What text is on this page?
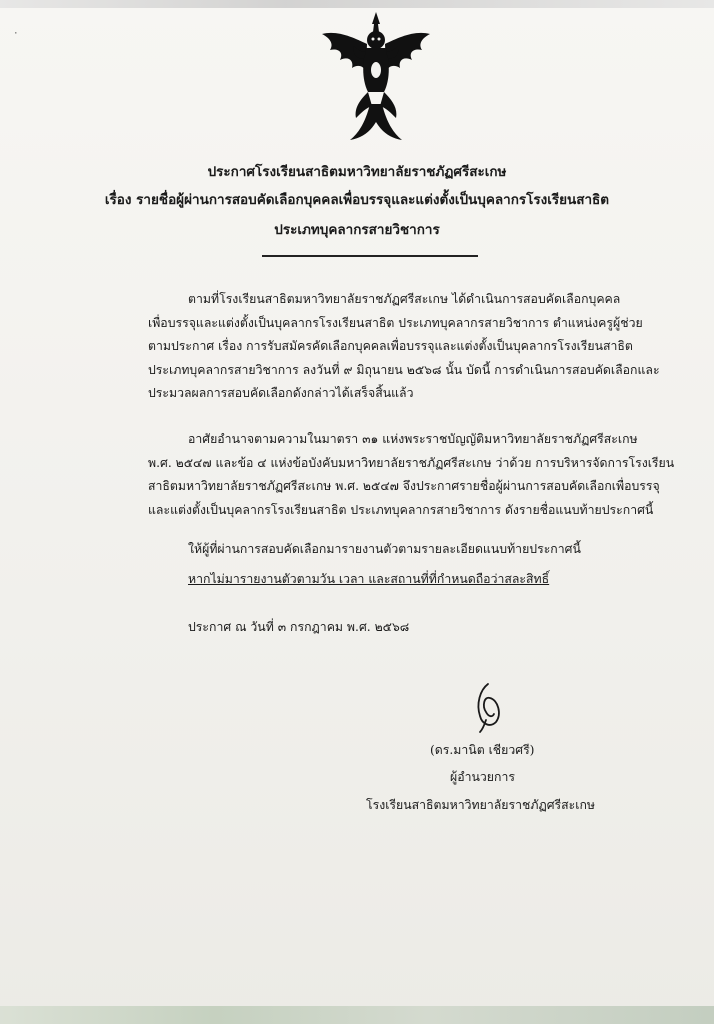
ᐝ
ประกาศโรงเรียนสาธิตมหาวิทยาลัยราชภัฏศรีสะเกษ
เรื่อง รายชื่อผู้ผ่านการสอบคัดเลือกบุคคลเพื่อบรรจุและแต่งตั้งเป็นบุคลากรโรงเรียนสาธิต
ประเภทบุคลากรสายวิชาการ
ตามที่โรงเรียนสาธิตมหาวิทยาลัยราชภัฏศรีสะเกษ ได้ดำเนินการสอบคัดเลือกบุคคล
เพื่อบรรจุและแต่งตั้งเป็นบุคลากรโรงเรียนสาธิต ประเภทบุคลากรสายวิชาการ ตำแหน่งครูผู้ช่วย
ตามประกาศ เรื่อง การรับสมัครคัดเลือกบุคคลเพื่อบรรจุและแต่งตั้งเป็นบุคลากรโรงเรียนสาธิต
ประเภทบุคลากรสายวิชาการ ลงวันที่ ๙ มิถุนายน ๒๕๖๘ นั้น บัดนี้ การดำเนินการสอบคัดเลือกและ
ประมวลผลการสอบคัดเลือกดังกล่าวได้เสร็จสิ้นแล้ว
อาศัยอำนาจตามความในมาตรา ๓๑ แห่งพระราชบัญญัติมหาวิทยาลัยราชภัฏศรีสะเกษ
พ.ศ. ๒๕๔๗ และข้อ ๔ แห่งข้อบังคับมหาวิทยาลัยราชภัฏศรีสะเกษ ว่าด้วย การบริหารจัดการโรงเรียน
สาธิตมหาวิทยาลัยราชภัฏศรีสะเกษ พ.ศ. ๒๕๔๗ จึงประกาศรายชื่อผู้ผ่านการสอบคัดเลือกเพื่อบรรจุ
และแต่งตั้งเป็นบุคลากรโรงเรียนสาธิต ประเภทบุคลากรสายวิชาการ ดังรายชื่อแนบท้ายประกาศนี้
ให้ผู้ที่ผ่านการสอบคัดเลือกมารายงานตัวตามรายละเอียดแนบท้ายประกาศนี้
หากไม่มารายงานตัวตามวัน เวลา และสถานที่ที่กำหนดถือว่าสละสิทธิ์
ประกาศ ณ วันที่ ๓ กรกฎาคม พ.ศ. ๒๕๖๘
(ดร.มานิต เชียวศรี)
ผู้อำนวยการ
โรงเรียนสาธิตมหาวิทยาลัยราชภัฏศรีสะเกษ
